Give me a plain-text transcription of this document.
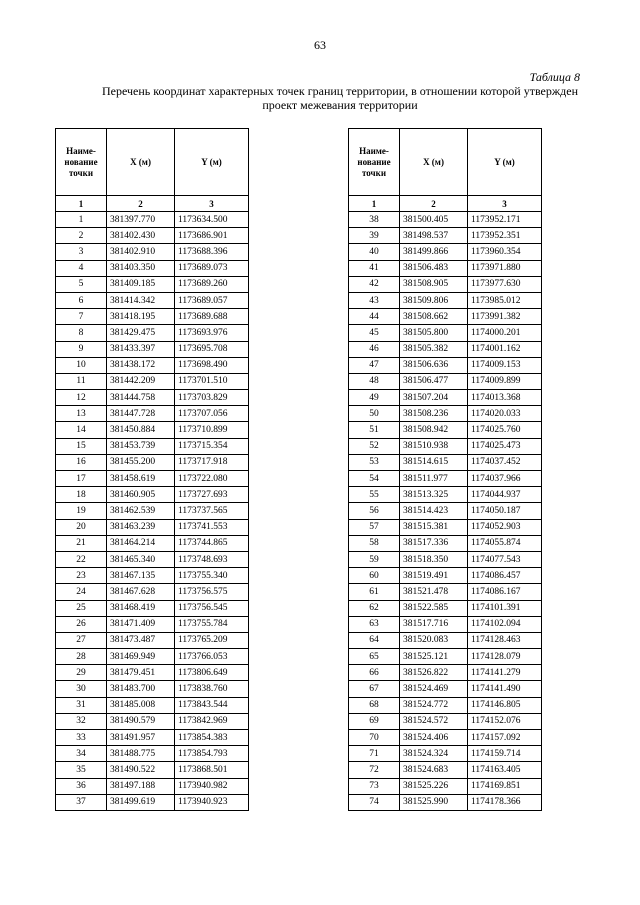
63
Таблица 8
Перечень координат характерных точек границ территории, в отношении которой утвержден проект межевания территории
Наиме-нование точки	X (м)	Y (м)
1	2	3
1	381397.770	1173634.500
2	381402.430	1173686.901
3	381402.910	1173688.396
4	381403.350	1173689.073
5	381409.185	1173689.260
6	381414.342	1173689.057
7	381418.195	1173689.688
8	381429.475	1173693.976
9	381433.397	1173695.708
10	381438.172	1173698.490
11	381442.209	1173701.510
12	381444.758	1173703.829
13	381447.728	1173707.056
14	381450.884	1173710.899
15	381453.739	1173715.354
16	381455.200	1173717.918
17	381458.619	1173722.080
18	381460.905	1173727.693
19	381462.539	1173737.565
20	381463.239	1173741.553
21	381464.214	1173744.865
22	381465.340	1173748.693
23	381467.135	1173755.340
24	381467.628	1173756.575
25	381468.419	1173756.545
26	381471.409	1173755.784
27	381473.487	1173765.209
28	381469.949	1173766.053
29	381479.451	1173806.649
30	381483.700	1173838.760
31	381485.008	1173843.544
32	381490.579	1173842.969
33	381491.957	1173854.383
34	381488.775	1173854.793
35	381490.522	1173868.501
36	381497.188	1173940.982
37	381499.619	1173940.923
Наиме-нование точки	X (м)	Y (м)
1	2	3
38	381500.405	1173952.171
39	381498.537	1173952.351
40	381499.866	1173960.354
41	381506.483	1173971.880
42	381508.905	1173977.630
43	381509.806	1173985.012
44	381508.662	1173991.382
45	381505.800	1174000.201
46	381505.382	1174001.162
47	381506.636	1174009.153
48	381506.477	1174009.899
49	381507.204	1174013.368
50	381508.236	1174020.033
51	381508.942	1174025.760
52	381510.938	1174025.473
53	381514.615	1174037.452
54	381511.977	1174037.966
55	381513.325	1174044.937
56	381514.423	1174050.187
57	381515.381	1174052.903
58	381517.336	1174055.874
59	381518.350	1174077.543
60	381519.491	1174086.457
61	381521.478	1174086.167
62	381522.585	1174101.391
63	381517.716	1174102.094
64	381520.083	1174128.463
65	381525.121	1174128.079
66	381526.822	1174141.279
67	381524.469	1174141.490
68	381524.772	1174146.805
69	381524.572	1174152.076
70	381524.406	1174157.092
71	381524.324	1174159.714
72	381524.683	1174163.405
73	381525.226	1174169.851
74	381525.990	1174178.366
